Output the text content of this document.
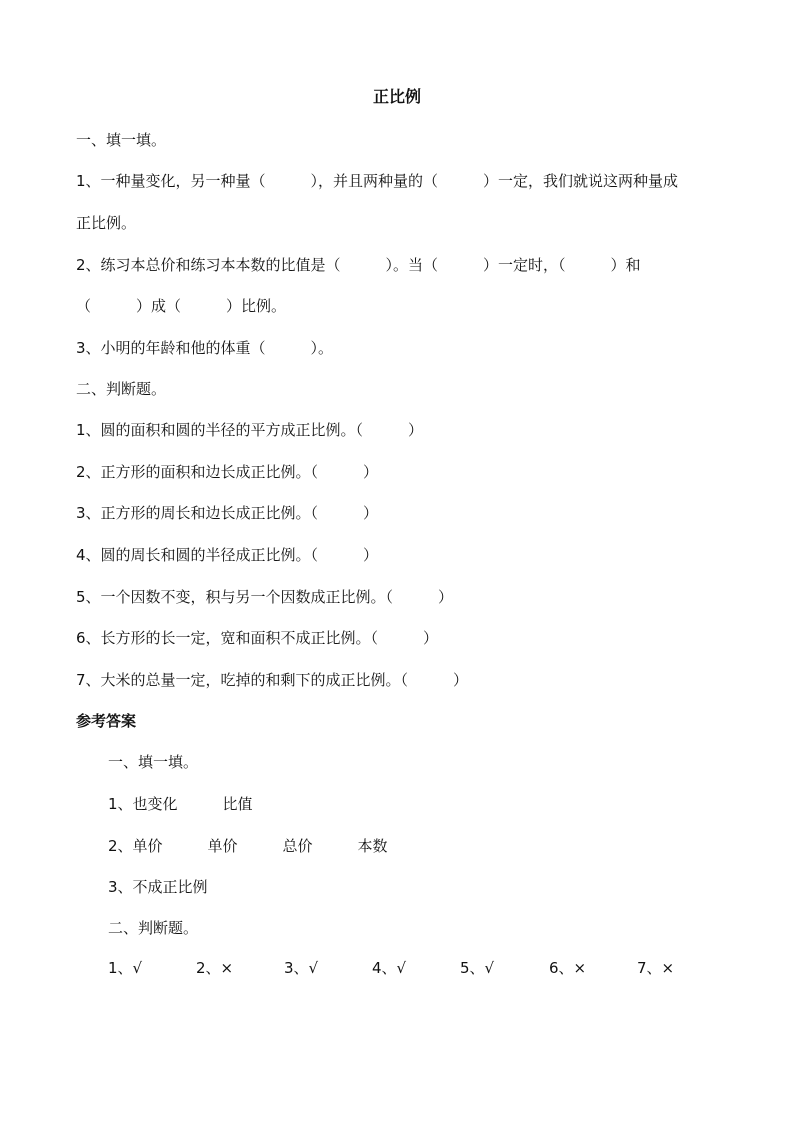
正比例
一、填一填。
1、一种量变化，另一种量（　　　），并且两种量的（　　　）一定，我们就说这两种量成
正比例。
2、练习本总价和练习本本数的比值是（　　　）。当（　　　）一定时，（　　　）和
（　　　）成（　　　）比例。
3、小明的年龄和他的体重（　　　）。
二、判断题。
1、圆的面积和圆的半径的平方成正比例。（　　　）
2、正方形的面积和边长成正比例。（　　　）
3、正方形的周长和边长成正比例。（　　　）
4、圆的周长和圆的半径成正比例。（　　　）
5、一个因数不变，积与另一个因数成正比例。（　　　）
6、长方形的长一定，宽和面积不成正比例。（　　　）
7、大米的总量一定，吃掉的和剩下的成正比例。（　　　）
参考答案
一、填一填。
1、也变化　　　比值
2、单价　　　单价　　　总价　　　本数
3、不成正比例
二、判断题。
1、√	2、×	3、√	4、√	5、√	6、×	7、×
